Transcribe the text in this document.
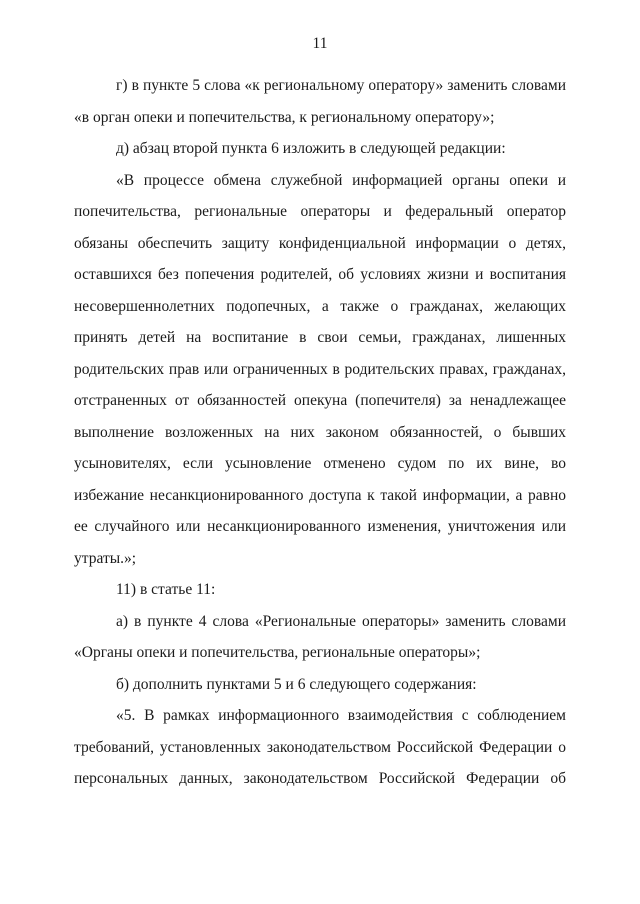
11

г) в пункте 5 слова «к региональному оператору» заменить словами «в орган опеки и попечительства, к региональному оператору»;

д) абзац второй пункта 6 изложить в следующей редакции:

«В процессе обмена служебной информацией органы опеки и попечительства, региональные операторы и федеральный оператор обязаны обеспечить защиту конфиденциальной информации о детях, оставшихся без попечения родителей, об условиях жизни и воспитания несовершеннолетних подопечных, а также о гражданах, желающих принять детей на воспитание в свои семьи, гражданах, лишенных родительских прав или ограниченных в родительских правах, гражданах, отстраненных от обязанностей опекуна (попечителя) за ненадлежащее выполнение возложенных на них законом обязанностей, о бывших усыновителях, если усыновление отменено судом по их вине, во избежание несанкционированного доступа к такой информации, а равно ее случайного или несанкционированного изменения, уничтожения или утраты.»;

11) в статье 11:

а) в пункте 4 слова «Региональные операторы» заменить словами «Органы опеки и попечительства, региональные операторы»;

б) дополнить пунктами 5 и 6 следующего содержания:

«5. В рамках информационного взаимодействия с соблюдением требований, установленных законодательством Российской Федерации о персональных данных, законодательством Российской Федерации об
